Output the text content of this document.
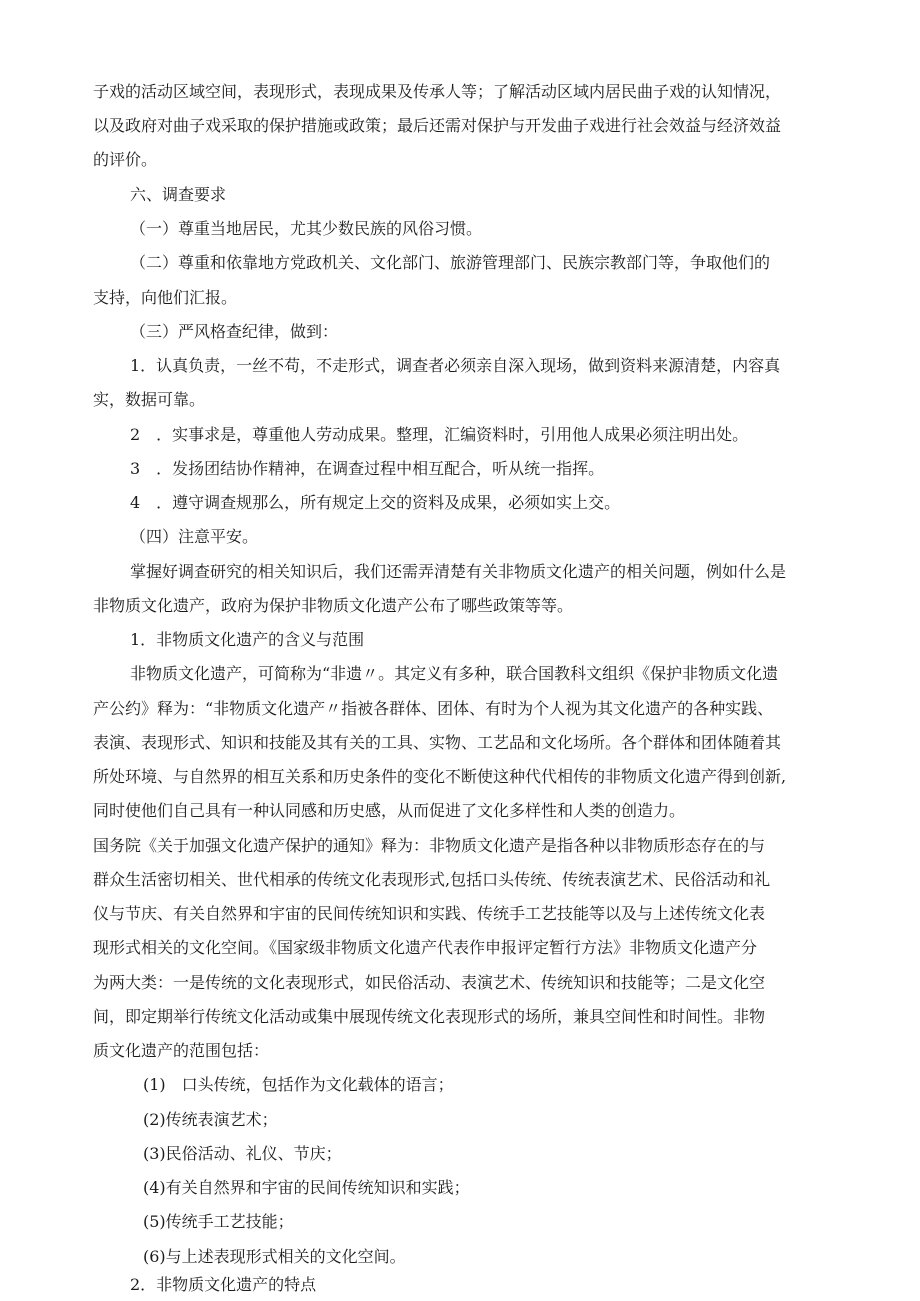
子戏的活动区域空间，表现形式，表现成果及传承人等；了解活动区域内居民曲子戏的认知情况，

以及政府对曲子戏采取的保护措施或政策；最后还需对保护与开发曲子戏进行社会效益与经济效益

的评价。

六、调查要求

（一）尊重当地居民，尤其少数民族的风俗习惯。

（二）尊重和依靠地方党政机关、文化部门、旅游管理部门、民族宗教部门等，争取他们的

支持，向他们汇报。

（三）严风格查纪律，做到：

1．认真负责，一丝不苟，不走形式，调查者必须亲自深入现场，做到资料来源清楚，内容真

实，数据可靠。

2　．实事求是，尊重他人劳动成果。整理，汇编资料时，引用他人成果必须注明出处。

3　．发扬团结协作精神，在调查过程中相互配合，听从统一指挥。

4　．遵守调查规那么，所有规定上交的资料及成果，必须如实上交。

（四）注意平安。

掌握好调查研究的相关知识后，我们还需弄清楚有关非物质文化遗产的相关问题，例如什么是

非物质文化遗产，政府为保护非物质文化遗产公布了哪些政策等等。

1．非物质文化遗产的含义与范围

非物质文化遗产，可简称为“非遗〃。其定义有多种，联合国教科文组织《保护非物质文化遗

产公约》释为：“非物质文化遗产〃指被各群体、团体、有时为个人视为其文化遗产的各种实践、

表演、表现形式、知识和技能及其有关的工具、实物、工艺品和文化场所。各个群体和团体随着其

所处环境、与自然界的相互关系和历史条件的变化不断使这种代代相传的非物质文化遗产得到创新,

同时使他们自己具有一种认同感和历史感，从而促进了文化多样性和人类的创造力。

国务院《关于加强文化遗产保护的通知》释为：非物质文化遗产是指各种以非物质形态存在的与

群众生活密切相关、世代相承的传统文化表现形式,包括口头传统、传统表演艺术、民俗活动和礼

仪与节庆、有关自然界和宇宙的民间传统知识和实践、传统手工艺技能等以及与上述传统文化表

现形式相关的文化空间。《国家级非物质文化遗产代表作申报评定暂行方法》非物质文化遗产分

为两大类：一是传统的文化表现形式，如民俗活动、表演艺术、传统知识和技能等；二是文化空

间，即定期举行传统文化活动或集中展现传统文化表现形式的场所，兼具空间性和时间性。非物

质文化遗产的范围包括：

(1)　口头传统，包括作为文化载体的语言；

(2)传统表演艺术；

(3)民俗活动、礼仪、节庆；

(4)有关自然界和宇宙的民间传统知识和实践；

(5)传统手工艺技能；

(6)与上述表现形式相关的文化空间。

2．非物质文化遗产的特点
